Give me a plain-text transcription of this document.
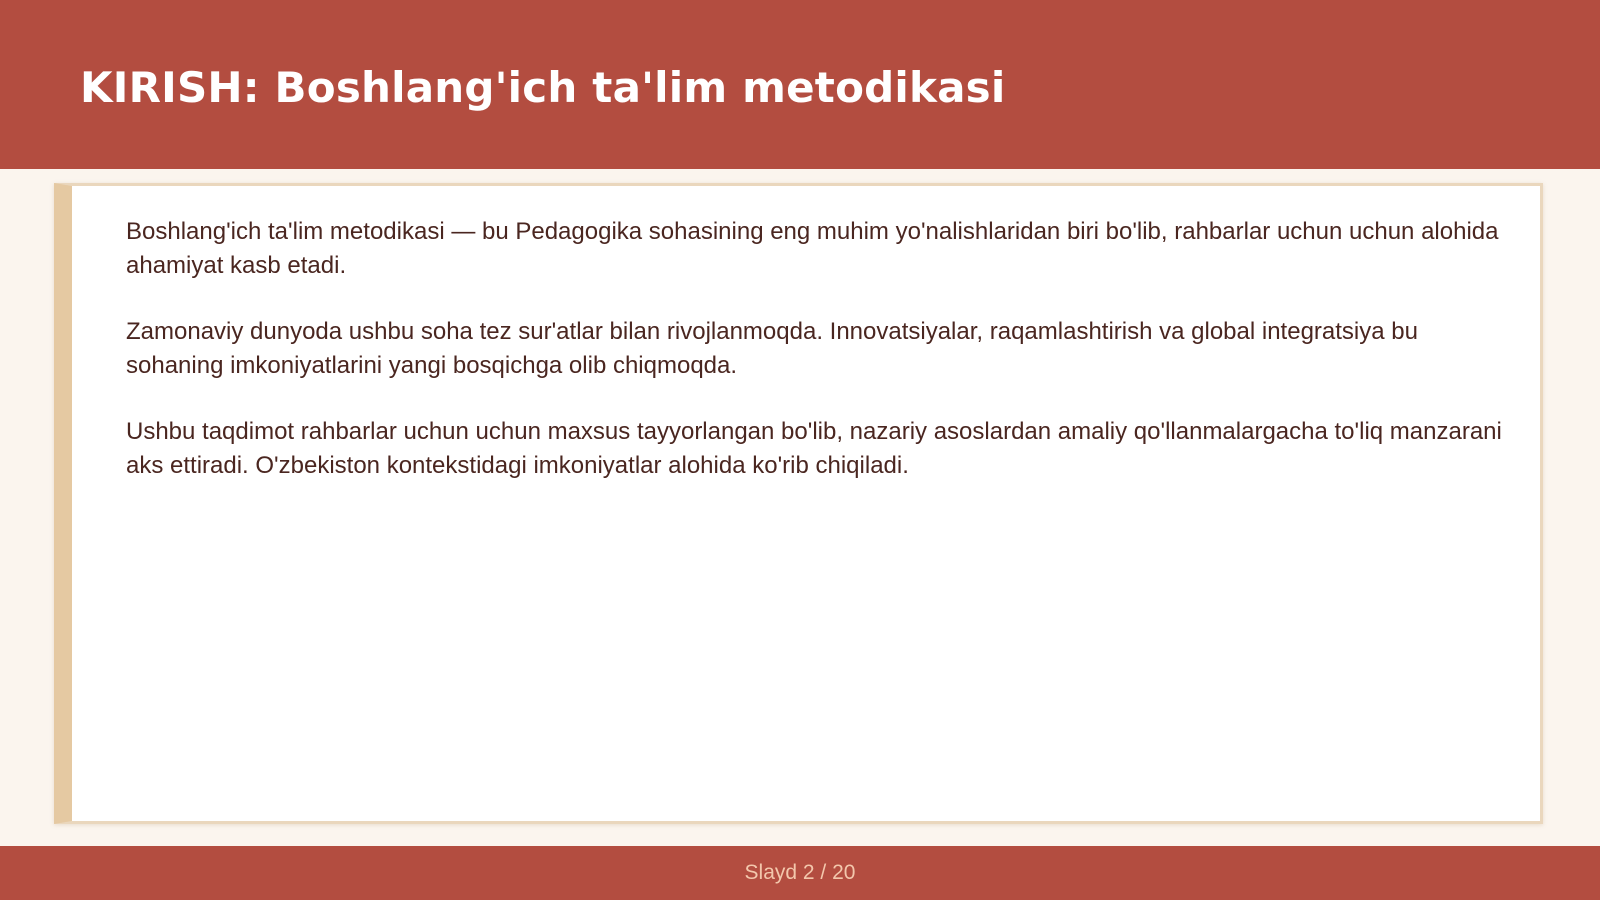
KIRISH: Boshlang'ich ta'lim metodikasi

Boshlang'ich ta'lim metodikasi — bu Pedagogika sohasining eng muhim yo'nalishlaridan biri bo'lib, rahbarlar uchun uchun alohida ahamiyat kasb etadi.

Zamonaviy dunyoda ushbu soha tez sur'atlar bilan rivojlanmoqda. Innovatsiyalar, raqamlashtirish va global integratsiya bu sohaning imkoniyatlarini yangi bosqichga olib chiqmoqda.

Ushbu taqdimot rahbarlar uchun uchun maxsus tayyorlangan bo'lib, nazariy asoslardan amaliy qo'llanmalargacha to'liq manzarani aks ettiradi. O'zbekiston kontekstidagi imkoniyatlar alohida ko'rib chiqiladi.

Slayd 2 / 20
